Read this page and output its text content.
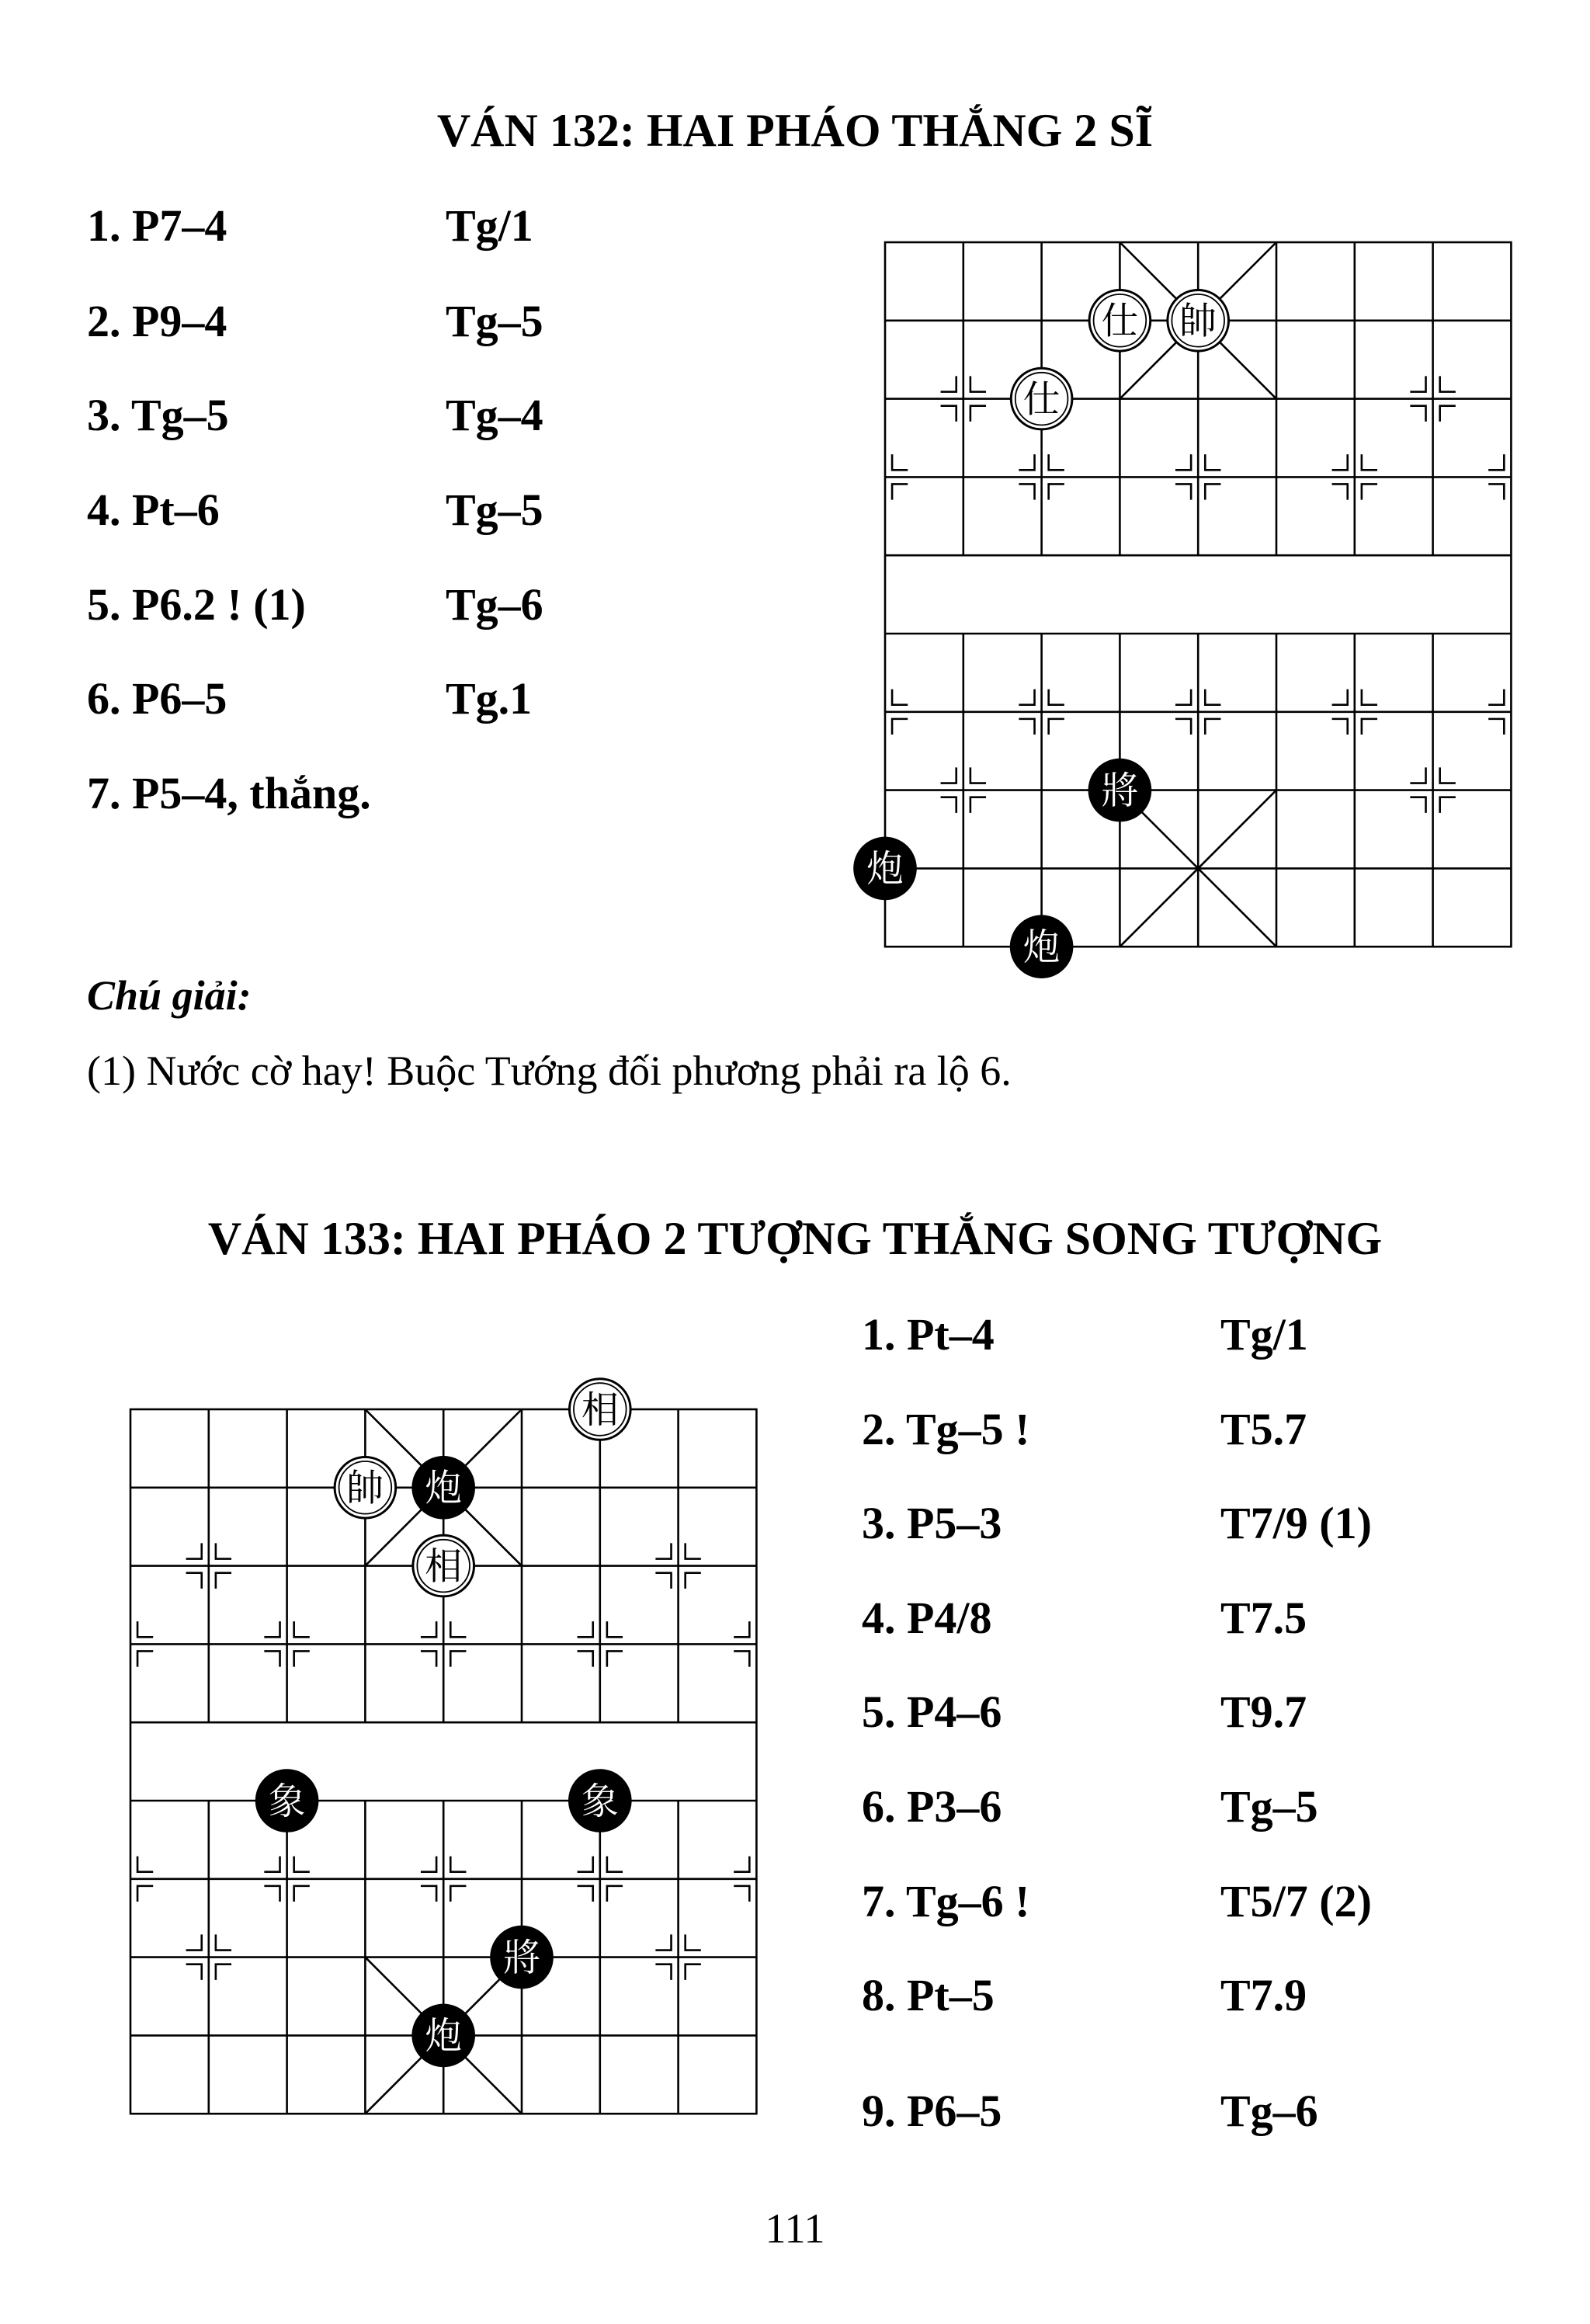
VÁN 132: HAI PHÁO THẮNG 2 SĨ
1. P7–4	Tg/1
2. P9–4	Tg–5
3. Tg–5	Tg–4
4. Pt–6	Tg–5
5. P6.2 ! (1)	Tg–6
6. P6–5	Tg.1
7. P5–4, thắng.
Chú giải:
(1) Nước cờ hay! Buộc Tướng đối phương phải ra lộ 6.
VÁN 133: HAI PHÁO 2 TƯỢNG THẮNG SONG TƯỢNG
1. Pt–4	Tg/1
2. Tg–5 !	T5.7
3. P5–3	T7/9 (1)
4. P4/8	T7.5
5. P4–6	T9.7
6. P3–6	Tg–5
7. Tg–6 !	T5/7 (2)
8. Pt–5	T7.9
9. P6–5	Tg–6
111
仕 帥
仕
將
炮
炮
相
帥 炮
相
象	象
將
炮
